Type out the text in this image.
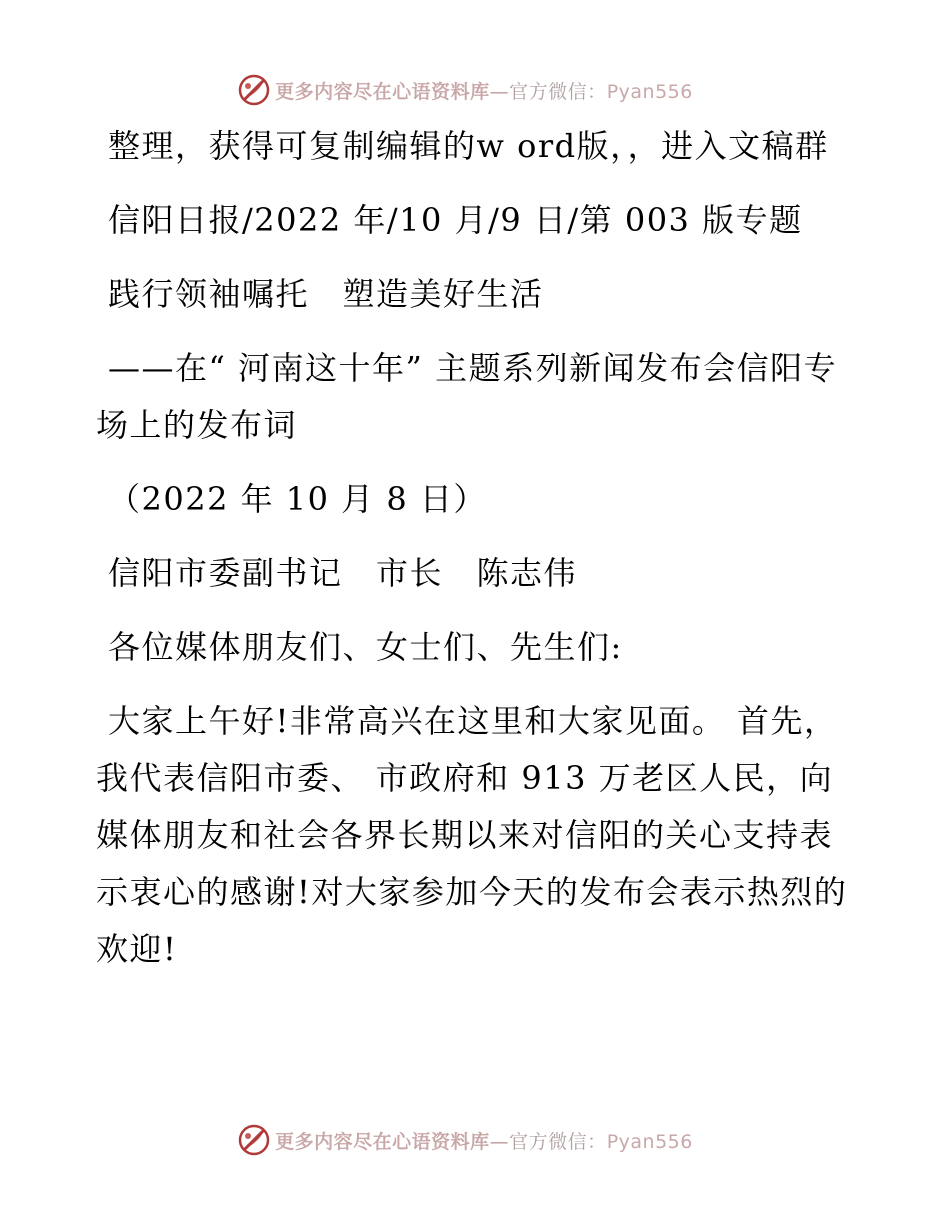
更多内容尽在心语资料库—官方微信：Pyan556

整理，获得可复制编辑的w ord版，，进入文稿群

信阳日报/2022 年/10 月/9 日/第 003 版专题

践行领袖嘱托　塑造美好生活

——在“ 河南这十年” 主题系列新闻发布会信阳专场上的发布词

（2022 年 10 月 8 日）

信阳市委副书记　市长　陈志伟

各位媒体朋友们、女士们、先生们:

大家上午好!非常高兴在这里和大家见面。 首先， 我代表信阳市委、 市政府和 913 万老区人民，向媒体朋友和社会各界长期以来对信阳的关心支持表示衷心的感谢!对大家参加今天的发布会表示热烈的欢迎!

更多内容尽在心语资料库—官方微信：Pyan556
